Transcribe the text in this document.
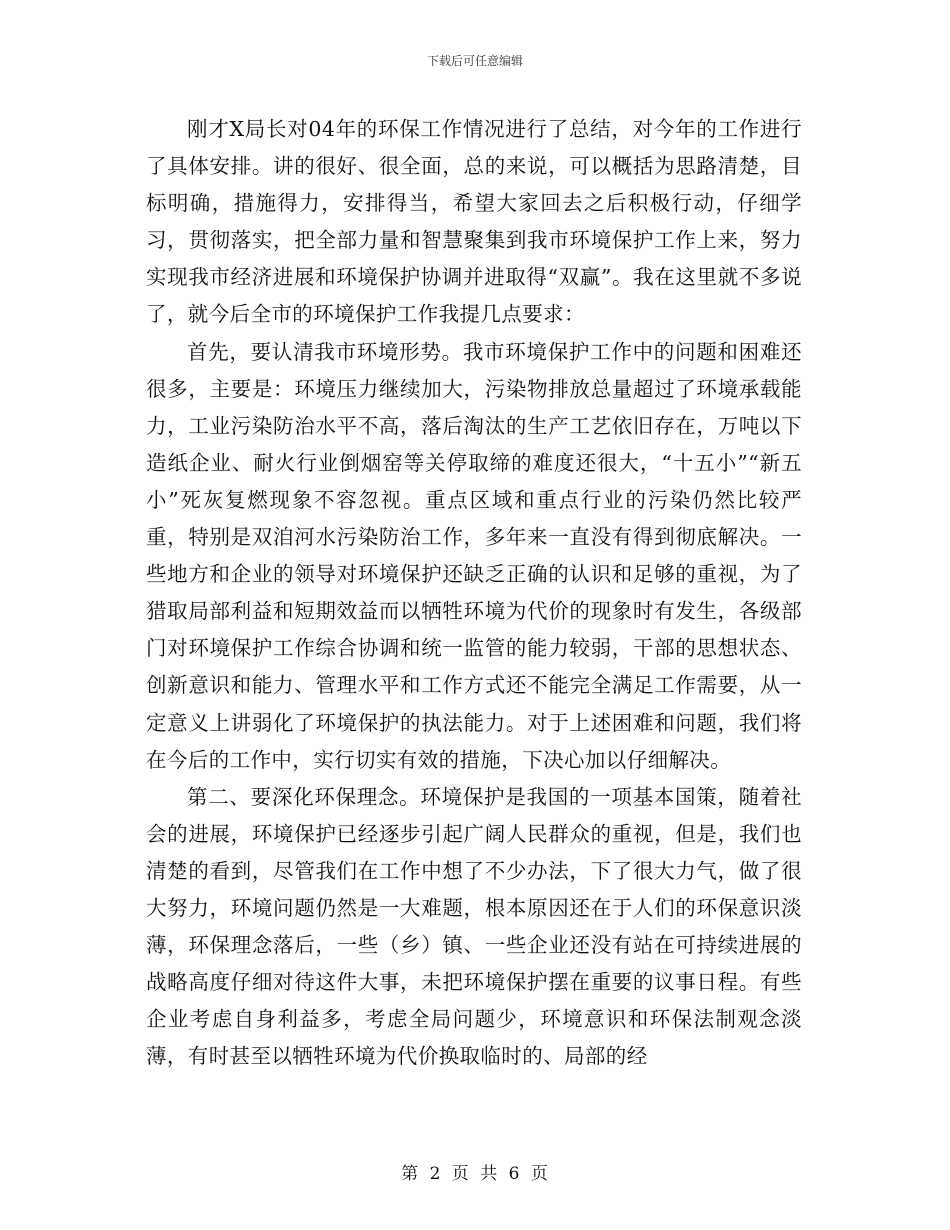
下载后可任意编辑

刚才X局长对04年的环保工作情况进行了总结，对今年的工作进行了具体安排。讲的很好、很全面，总的来说，可以概括为思路清楚，目标明确，措施得力，安排得当，希望大家回去之后积极行动，仔细学习，贯彻落实，把全部力量和智慧聚集到我市环境保护工作上来，努力实现我市经济进展和环境保护协调并进取得“双赢”。我在这里就不多说了，就今后全市的环境保护工作我提几点要求：

首先，要认清我市环境形势。我市环境保护工作中的问题和困难还很多，主要是：环境压力继续加大，污染物排放总量超过了环境承载能力，工业污染防治水平不高，落后淘汰的生产工艺依旧存在，万吨以下造纸企业、耐火行业倒烟窑等关停取缔的难度还很大，“十五小”“新五小”死灰复燃现象不容忽视。重点区域和重点行业的污染仍然比较严重，特别是双洎河水污染防治工作，多年来一直没有得到彻底解决。一些地方和企业的领导对环境保护还缺乏正确的认识和足够的重视，为了猎取局部利益和短期效益而以牺牲环境为代价的现象时有发生，各级部门对环境保护工作综合协调和统一监管的能力较弱，干部的思想状态、创新意识和能力、管理水平和工作方式还不能完全满足工作需要，从一定意义上讲弱化了环境保护的执法能力。对于上述困难和问题，我们将在今后的工作中，实行切实有效的措施，下决心加以仔细解决。

第二、要深化环保理念。环境保护是我国的一项基本国策，随着社会的进展，环境保护已经逐步引起广阔人民群众的重视，但是，我们也清楚的看到，尽管我们在工作中想了不少办法，下了很大力气，做了很大努力，环境问题仍然是一大难题，根本原因还在于人们的环保意识淡薄，环保理念落后，一些（乡）镇、一些企业还没有站在可持续进展的战略高度仔细对待这件大事，未把环境保护摆在重要的议事日程。有些企业考虑自身利益多，考虑全局问题少，环境意识和环保法制观念淡薄，有时甚至以牺牲环境为代价换取临时的、局部的经

第 2 页 共 6 页
